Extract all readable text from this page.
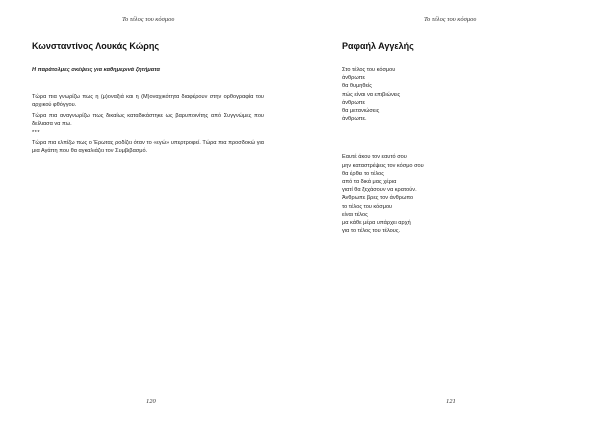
Το τέλος του κόσμου
Κωνσταντίνος Λουκάς Κώρης
Η παράτολμες σκέψεις για καθημερινά ζητήματα

Τώρα πια γνωρίζω πως η (μ)οναξιά και η (Μ)οναχικότητα διαφέρουν στην ορθογραφία του αρχικού φθόγγου.

Τώρα πια αναγνωρίζω πως δικαίως καταδικάστηκε ως βαρυποινίτης από Συγγνώμες που δείλιασα να πω.

***

Τώρα πια ελπίζω πως ο Έρωτας ροδίζει όταν το «εγώ» υπερτροφεί. Τώρα πια προσδοκώ για μια Αγάπη που θα αγκαλιάζει τον Συμβιβασμό.

120
Το τέλος του κόσμου
Ραφαήλ Αγγελής
Στο τέλος του κόσμου
άνθρωπε
θα θυμηθείς
πώς είναι να επιβιώνεις
άνθρωπε
θα μετανιώσεις
άνθρωπε.
Εαυτέ άκου τον εαυτό σου
μην καταστρέψεις τον κόσμο σου
θα έρθει το τέλος
από τα δικά μας χέρια
γιατί θα ξεχάσουν να κρατούν.
Άνθρωπε βρες τον άνθρωπο
το τέλος του κόσμου
είναι τέλος
μα κάθε μέρα υπάρχει αρχή
για το τέλος του τέλους.
121
